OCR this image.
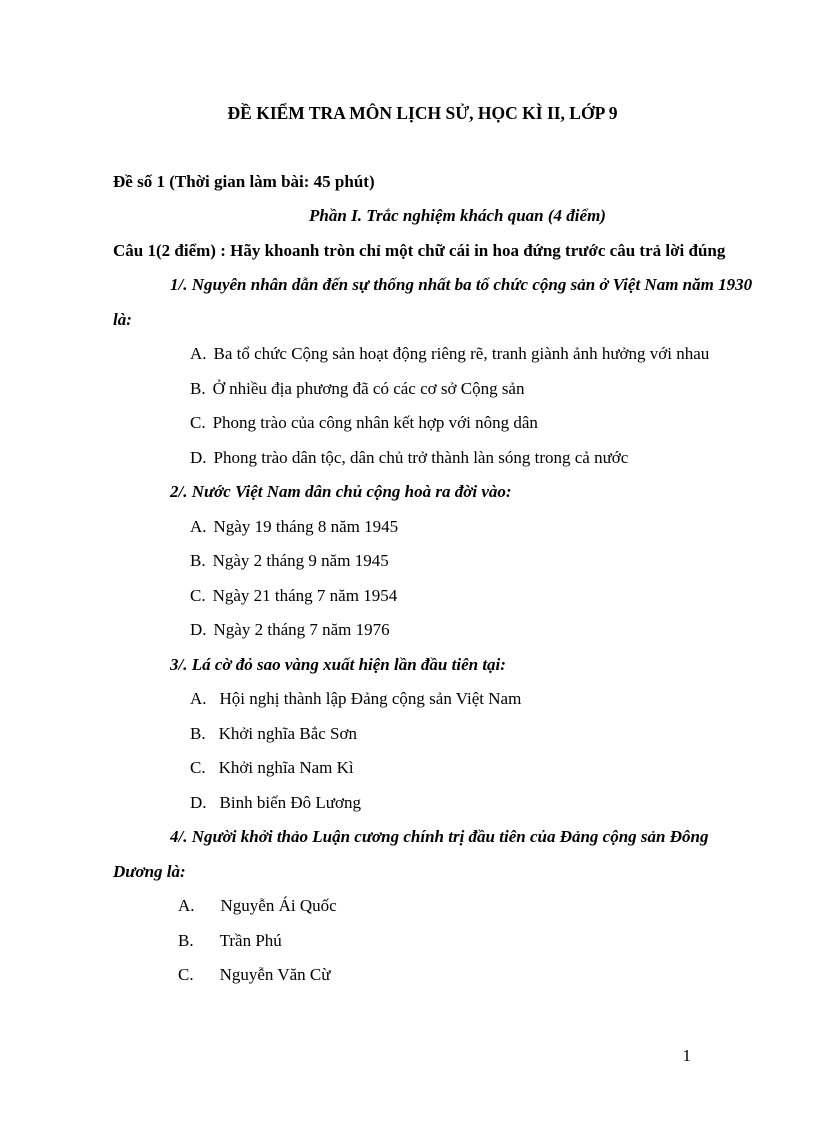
ĐỀ KIỂM TRA MÔN LỊCH SỬ, HỌC KÌ II, LỚP 9

Đề số 1 (Thời gian làm bài: 45 phút)

Phần I. Trắc nghiệm khách quan (4 điểm)

Câu 1(2 điểm) : Hãy khoanh tròn chỉ một chữ cái in hoa đứng trước câu trả lời đúng

1/. Nguyên nhân dẫn đến sự thống nhất ba tổ chức cộng sản ở Việt Nam năm 1930 là:

A. Ba tổ chức Cộng sản hoạt động riêng rẽ, tranh giành ảnh hưởng với nhau
B. Ở nhiều địa phương đã có các cơ sở Cộng sản
C. Phong trào của công nhân kết hợp với nông dân
D. Phong trào dân tộc, dân chủ trở thành làn sóng trong cả nước

2/. Nước Việt Nam dân chủ cộng hoà ra đời vào:

A. Ngày 19 tháng 8 năm 1945
B. Ngày 2 tháng 9 năm 1945
C. Ngày 21 tháng 7 năm 1954
D. Ngày 2 tháng 7 năm 1976

3/. Lá cờ đỏ sao vàng xuất hiện lần đầu tiên tại:

A. Hội nghị thành lập Đảng cộng sản Việt Nam
B. Khởi nghĩa Bắc Sơn
C. Khởi nghĩa Nam Kì
D. Binh biến Đô Lương

4/. Người khởi thảo Luận cương chính trị đầu tiên của Đảng cộng sản Đông Dương là:

A. Nguyễn Ái Quốc
B. Trần Phú
C. Nguyễn Văn Cừ
1
